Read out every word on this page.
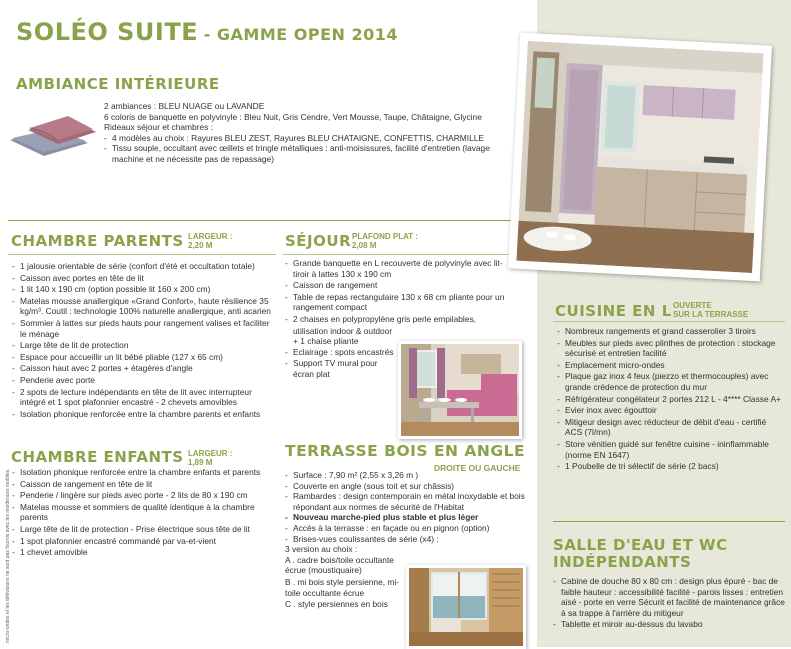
SOLÉO SUITE - GAMME OPEN 2014
AMBIANCE INTÉRIEURE

2 ambiances : BLEU NUAGE ou LAVANDE

6 coloris de banquette en polyvinyle : Bleu Nuit, Gris Cendre, Vert Mousse, Taupe, Châtaigne, Glycine

Rideaux séjour et chambres :

- 4 modèles au choix : Rayures BLEU ZEST, Rayures BLEU CHATAIGNE, CONFETTIS, CHARMILLE
- Tissu souple, occultant avec œillets et tringle métalliques : anti-moisissures, facilité d'entretien (lavage machine et ne nécessite pas de repassage)
CHAMBRE PARENTS LARGEUR :
2,20 M
- 1 jalousie orientable de série (confort d'été et occultation totale)
- Caisson avec portes en tête de lit
- 1 lit 140 x 190 cm (option possible lit 160 x 200 cm)
- Matelas mousse anallergique «Grand Confort», haute résilience 35 kg/m³. Coutil : technologie 100% naturelle anallergique, anti acarien
- Sommier à lattes sur pieds hauts pour rangement valises et faciliter le ménage
- Large tête de lit de protection
- Espace pour accueillir un lit bébé pliable (127 x 65 cm)
- Caisson haut avec 2 portes + étagères d'angle
- Penderie avec porte
- 2 spots de lecture indépendants en tête de lit avec interrupteur intégré et 1 spot plafonnier encastré - 2 chevets amovibles
- Isolation phonique renforcée entre la chambre parents et enfants
CHAMBRE ENFANTS LARGEUR :
1,89 M
- Isolation phonique renforcée entre la chambre enfants et parents
- Caisson de rangement en tête de lit
- Penderie / lingère sur pieds avec porte - 2 lits de 80 x 190 cm
- Matelas mousse et sommiers de qualité identique à la chambre parents
- Large tête de lit de protection - Prise électrique sous tête de lit
- 1 spot plafonnier encastré commandé par va-et-vient
- 1 chevet amovible
SÉJOUR PLAFOND PLAT :
2,08 M
- Grande banquette en L recouverte de polyvinyle avec lit-tiroir à lattes 130 x 190 cm
- Caisson de rangement
- Table de repas rectangulaire 130 x 68 cm pliante pour un rangement compact
- 2 chaises en polypropylène gris perle empilables,
utilisation indoor & outdoor + 1 chaise pliante
- Eclairage : spots encastrés
- Support TV mural pour écran plat
TERRASSE BOIS EN ANGLE
DROITE OU GAUCHE
- Surface : 7,90 m² (2,55 x 3,26 m )
- Couverte en angle (sous toit et sur châssis)
- Rambardes : design contemporain en métal inoxydable et bois répondant aux normes de sécurité de l'Habitat
- Nouveau marche-pied plus stable et plus léger
- Accès à la terrasse : en façade ou en pignon (option)
- Brises-vues coulissantes de série (x4) :
3 version au choix :
A . cadre bois/toile occultante écrue (moustiquaire)
B . mi bois style persienne, mi-toile occultante écrue
C . style persiennes en bois
micro-ondes et les télévisions ne sont pas fournis avec les résidences mobiles.
CUISINE EN L OUVERTE
SUR LA TERRASSE
- Nombreux rangements et grand casserolier 3 tiroirs
- Meubles sur pieds avec plinthes de protection : stockage sécurisé et entretien facilité
- Emplacement micro-ondes
- Plaque gaz inox 4 feux (piezzo et thermocouples) avec grande crédence de protection du mur
- Réfrigérateur congélateur 2 portes 212 L - 4**** Classe A+
- Evier inox avec égouttoir
- Mitigeur design avec réducteur de débit d'eau - certifié ACS (7l/mn)
- Store vénitien guidé sur fenêtre cuisine - ininflammable (norme EN 1647)
- 1 Poubelle de tri sélectif de série (2 bacs)
SALLE D'EAU ET WC
INDÉPENDANTS
- Cabine de douche 80 x 80 cm : design plus épuré - bac de faible hauteur : accessibilité facilité - parois lisses : entretien aisé - porte en verre Sécurit et facilité de maintenance grâce à sa trappe à l'arrière du mitigeur
- Tablette et miroir au-dessus du lavabo
